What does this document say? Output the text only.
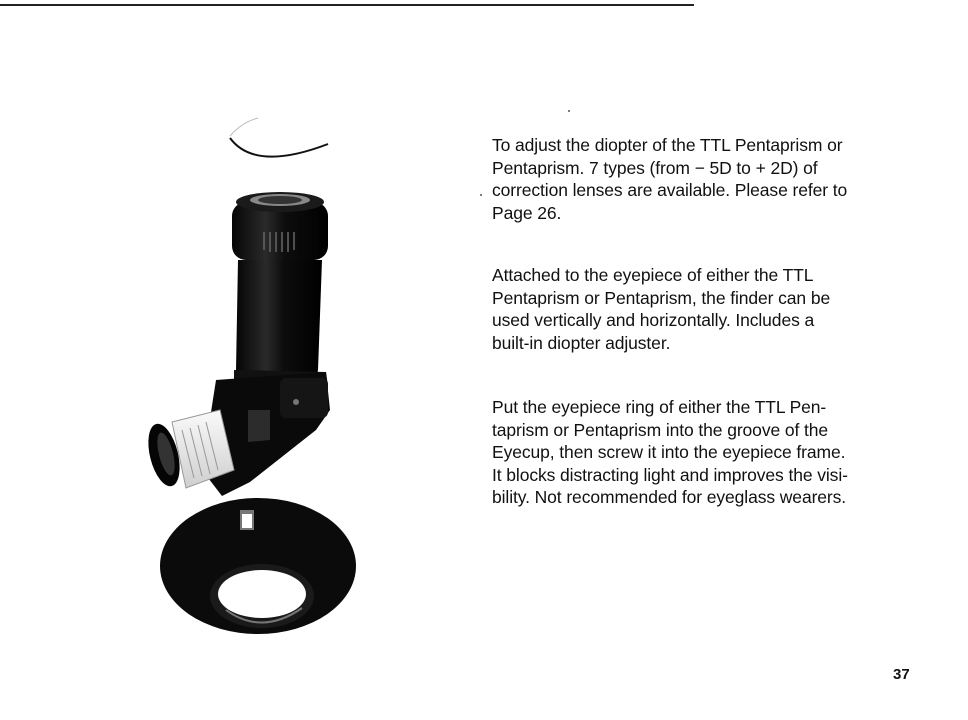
To adjust the diopter of the TTL Pentaprism or
Pentaprism. 7 types (from − 5D to + 2D) of
correction lenses are available. Please refer to
Page 26.
Attached to the eyepiece of either the TTL
Pentaprism or Pentaprism, the finder can be
used vertically and horizontally. Includes a
built-in diopter adjuster.
Put the eyepiece ring of either the TTL Pen-
taprism or Pentaprism into the groove of the
Eyecup, then screw it into the eyepiece frame.
It blocks distracting light and improves the visi-
bility. Not recommended for eyeglass wearers.
37
